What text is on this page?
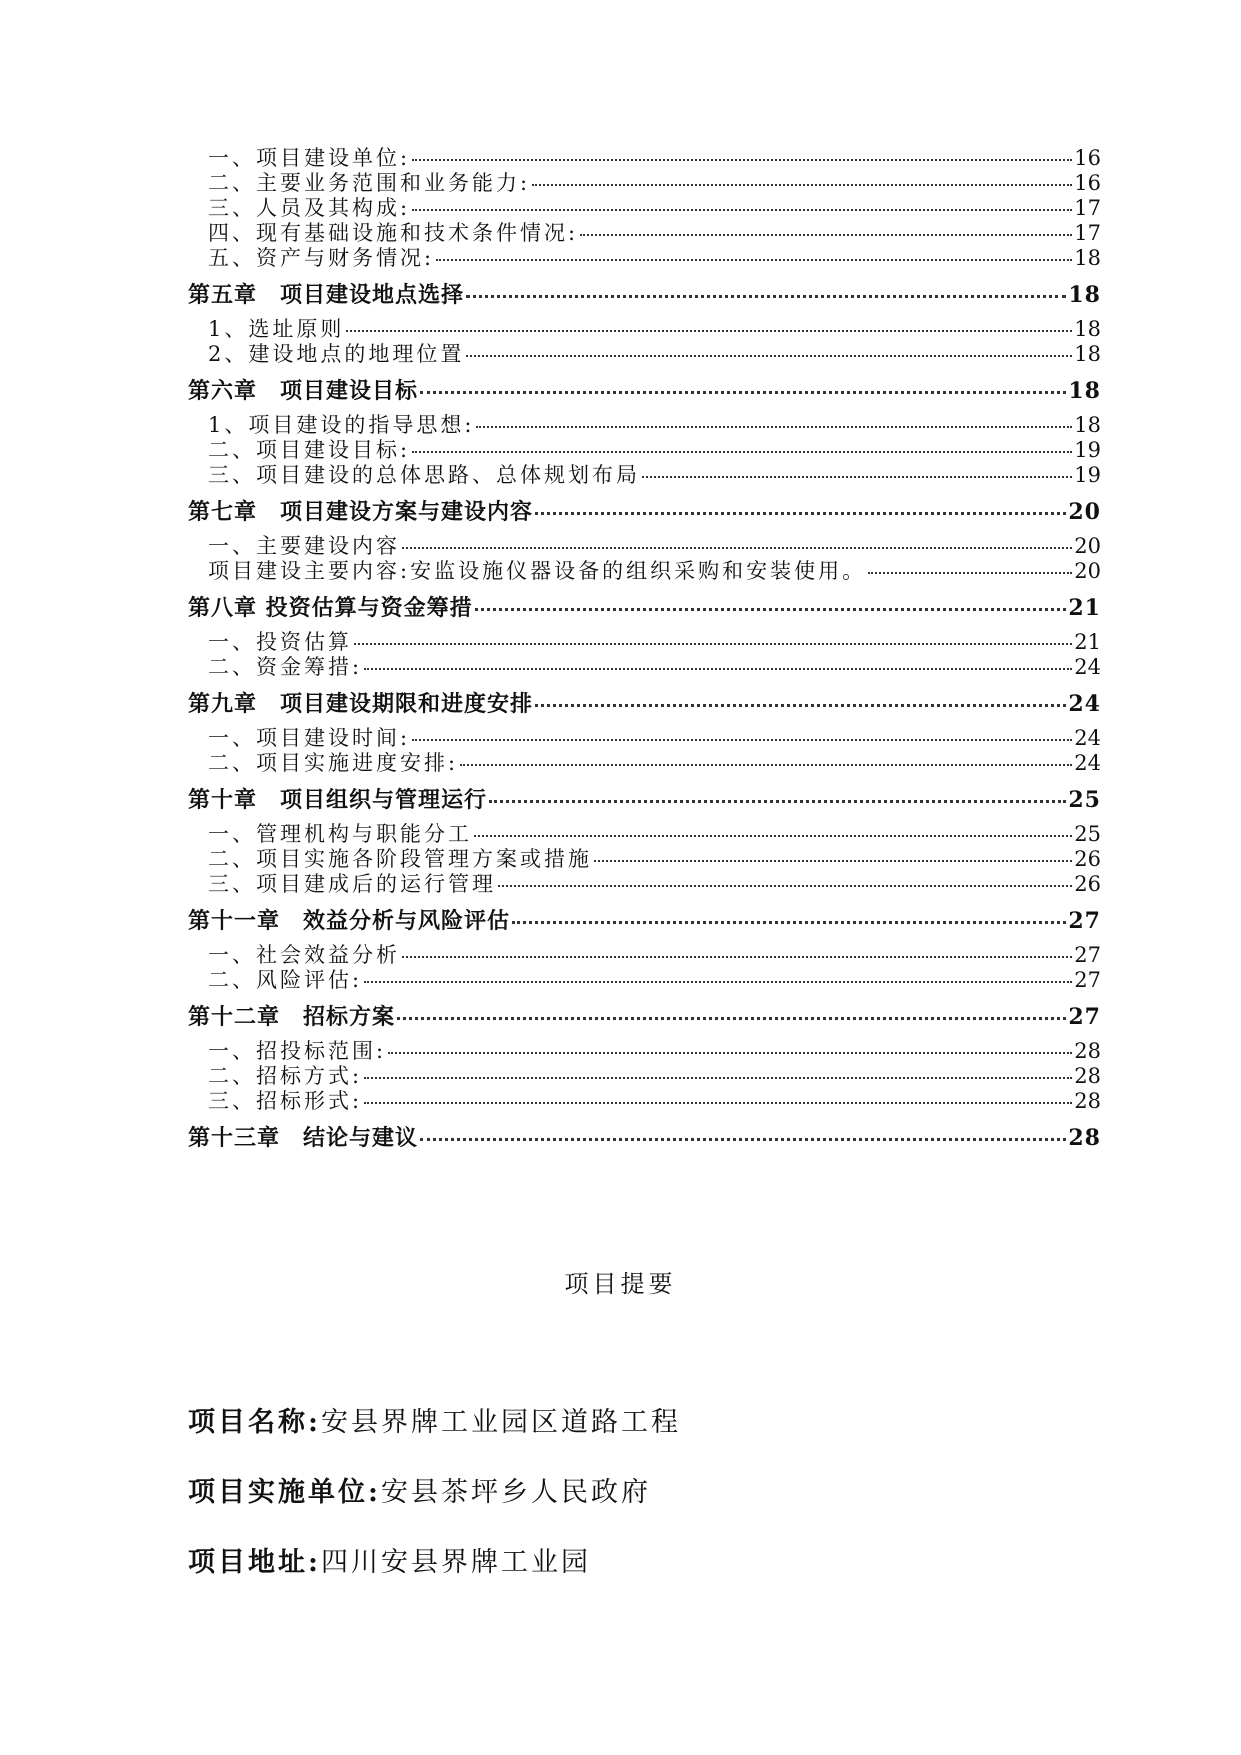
一、项目建设单位:	16
二、主要业务范围和业务能力:	16
三、人员及其构成:	17
四、现有基础设施和技术条件情况:	17
五、资产与财务情况:	18
第五章　项目建设地点选择	18
1、选址原则	18
2、建设地点的地理位置	18
第六章　项目建设目标	18
1、项目建设的指导思想:	18
二、项目建设目标:	19
三、项目建设的总体思路、总体规划布局	19
第七章　项目建设方案与建设内容	20
一、主要建设内容	20
项目建设主要内容:安监设施仪器设备的组织采购和安装使用。	20
第八章 投资估算与资金筹措	21
一、投资估算	21
二、资金筹措:	24
第九章　项目建设期限和进度安排	24
一、项目建设时间:	24
二、项目实施进度安排:	24
第十章　项目组织与管理运行	25
一、管理机构与职能分工	25
二、项目实施各阶段管理方案或措施	26
三、项目建成后的运行管理	26
第十一章　效益分析与风险评估	27
一、社会效益分析	27
二、风险评估:	27
第十二章　招标方案	27
一、招投标范围:	28
二、招标方式:	28
三、招标形式:	28
第十三章　结论与建议	28
项目提要
项目名称:安县界牌工业园区道路工程
项目实施单位:安县茶坪乡人民政府
项目地址:四川安县界牌工业园
